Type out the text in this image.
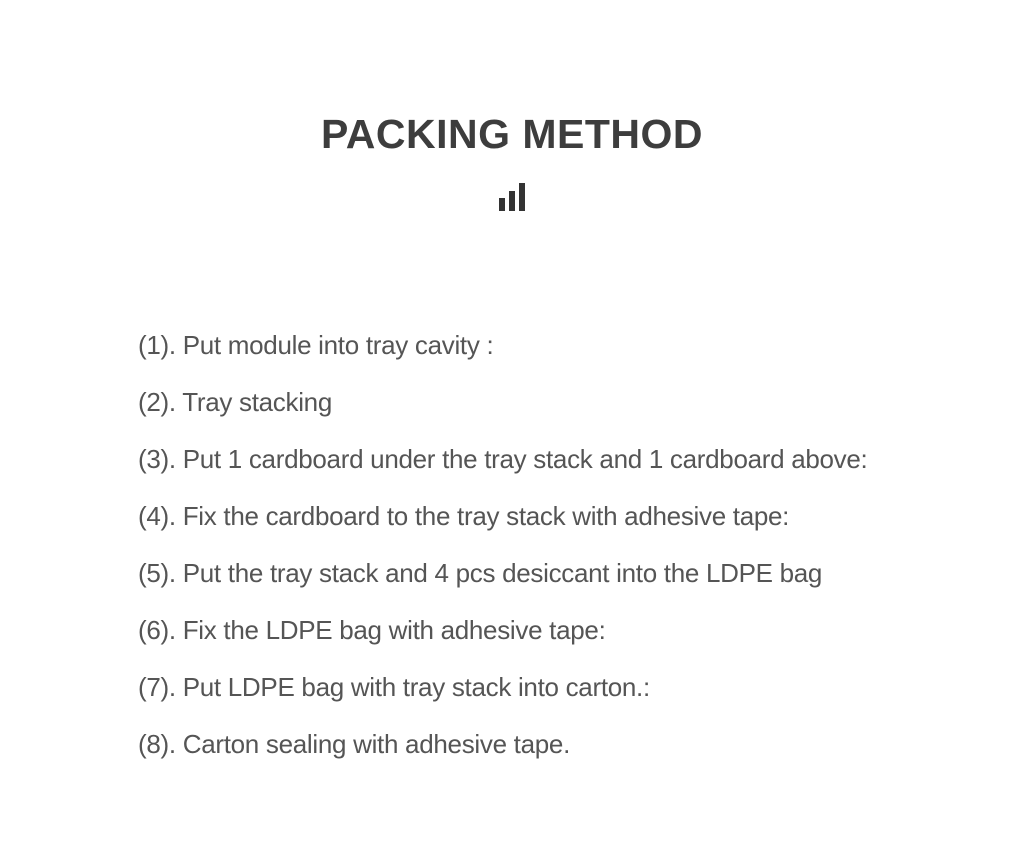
PACKING METHOD
(1). Put module into tray cavity :
(2). Tray stacking
(3). Put 1 cardboard under the tray stack and 1 cardboard above:
(4). Fix the cardboard to the tray stack with adhesive tape:
(5). Put the tray stack and 4 pcs desiccant into the LDPE bag
(6). Fix the LDPE bag with adhesive tape:
(7). Put LDPE bag with tray stack into carton.:
(8). Carton sealing with adhesive tape.
